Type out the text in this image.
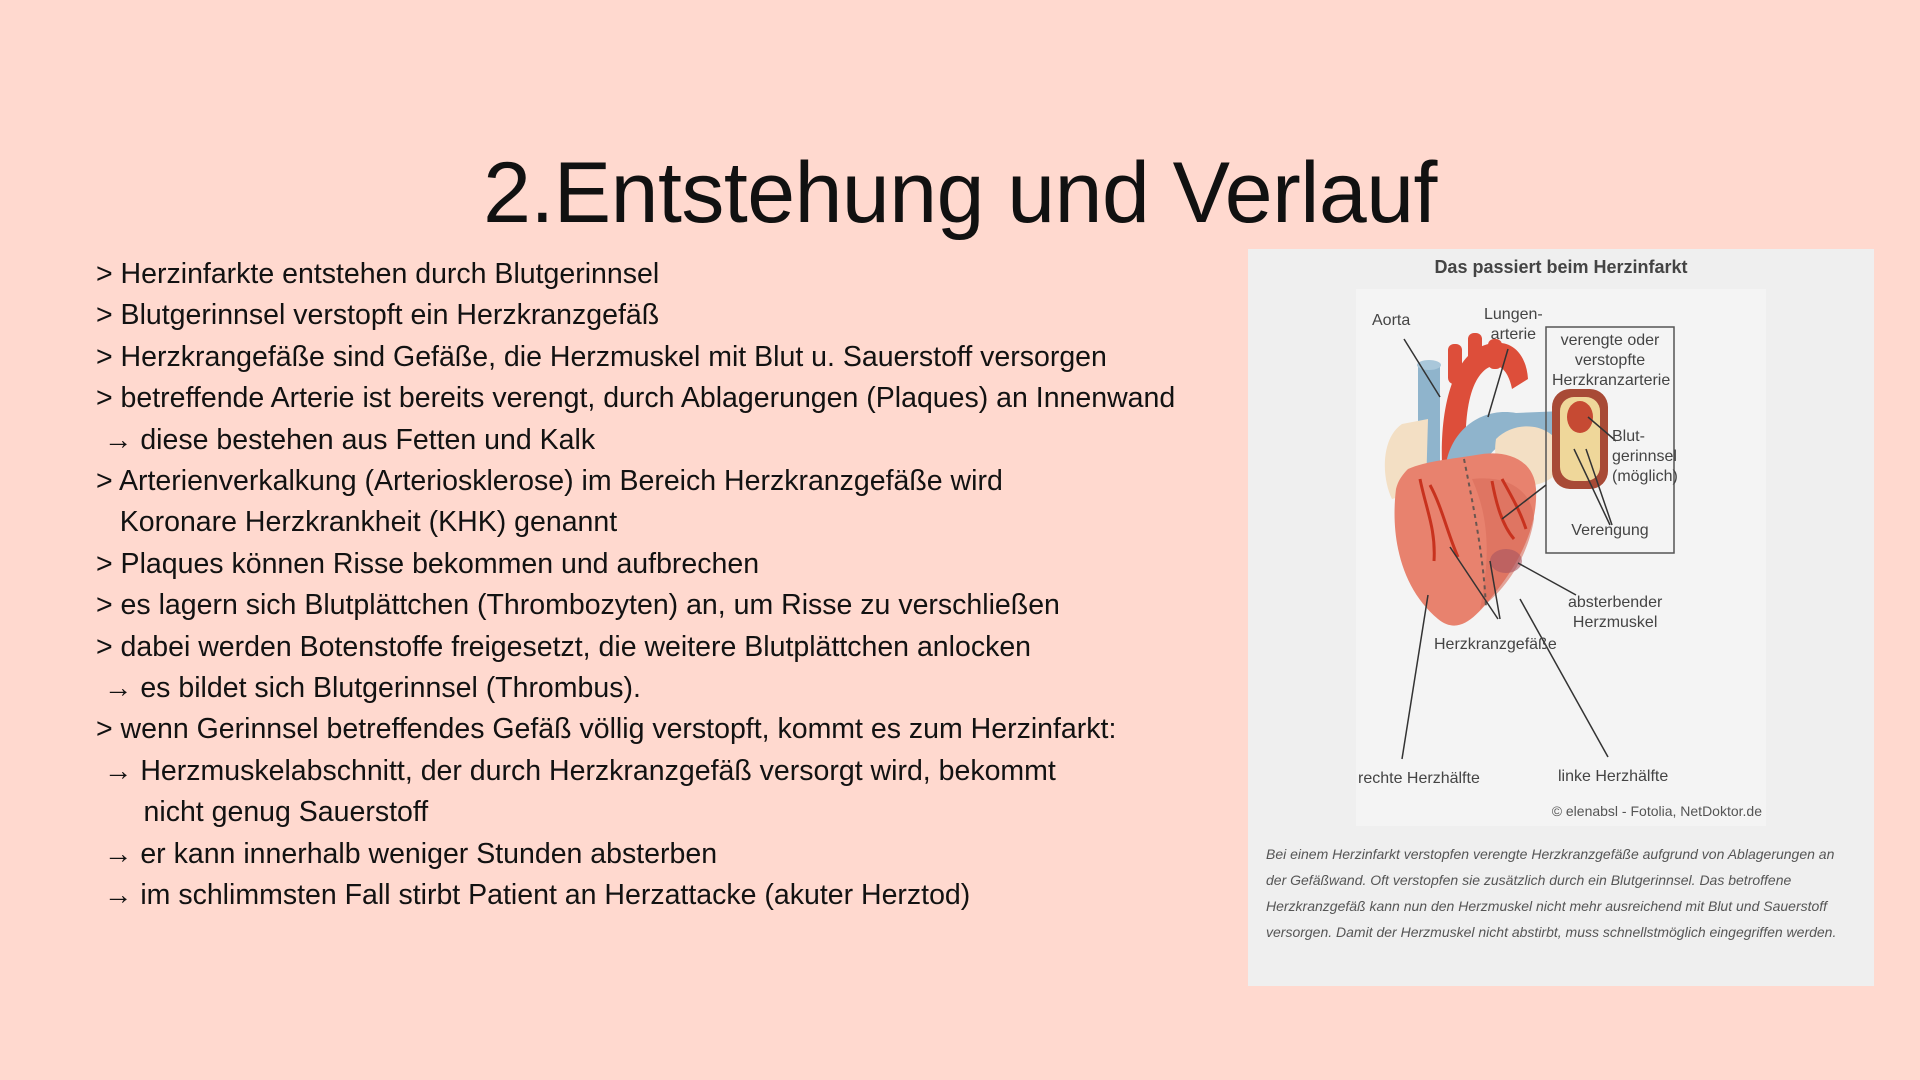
2.Entstehung und Verlauf
> Herzinfarkte entstehen durch Blutgerinnsel
> Blutgerinnsel verstopft ein Herzkranzgefäß
> Herzkrangefäße sind Gefäße, die Herzmuskel mit Blut u. Sauerstoff versorgen
> betreffende Arterie ist bereits verengt, durch Ablagerungen (Plaques) an Innenwand
→ diese bestehen aus Fetten und Kalk
> Arterienverkalkung (Arteriosklerose) im Bereich Herzkranzgefäße wird
Koronare Herzkrankheit (KHK) genannt
> Plaques können Risse bekommen und aufbrechen
> es lagern sich Blutplättchen (Thrombozyten) an, um Risse zu verschließen
> dabei werden Botenstoffe freigesetzt, die weitere Blutplättchen anlocken
→ es bildet sich Blutgerinnsel (Thrombus).
> wenn Gerinnsel betreffendes Gefäß völlig verstopft, kommt es zum Herzinfarkt:
→ Herzmuskelabschnitt, der durch Herzkranzgefäß versorgt wird, bekommt
nicht genug Sauerstoff
→ er kann innerhalb weniger Stunden absterben
→ im schlimmsten Fall stirbt Patient an Herzattacke (akuter Herztod)
Das passiert beim Herzinfarkt
Aorta	Lungen-
arterie	verengte oder
verstopfte
Herzkranzarterie
Blut-
gerinnsel
(möglich)
Verengung
absterbender
Herzmuskel
Herzkranzgefäße
rechte Herzhälfte	linke Herzhälfte
© elenabsl - Fotolia, NetDoktor.de

Bei einem Herzinfarkt verstopfen verengte Herzkranzgefäße aufgrund von Ablagerungen an der Gefäßwand. Oft verstopfen sie zusätzlich durch ein Blutgerinnsel. Das betroffene Herzkranzgefäß kann nun den Herzmuskel nicht mehr ausreichend mit Blut und Sauerstoff versorgen. Damit der Herzmuskel nicht abstirbt, muss schnellstmöglich eingegriffen werden.
